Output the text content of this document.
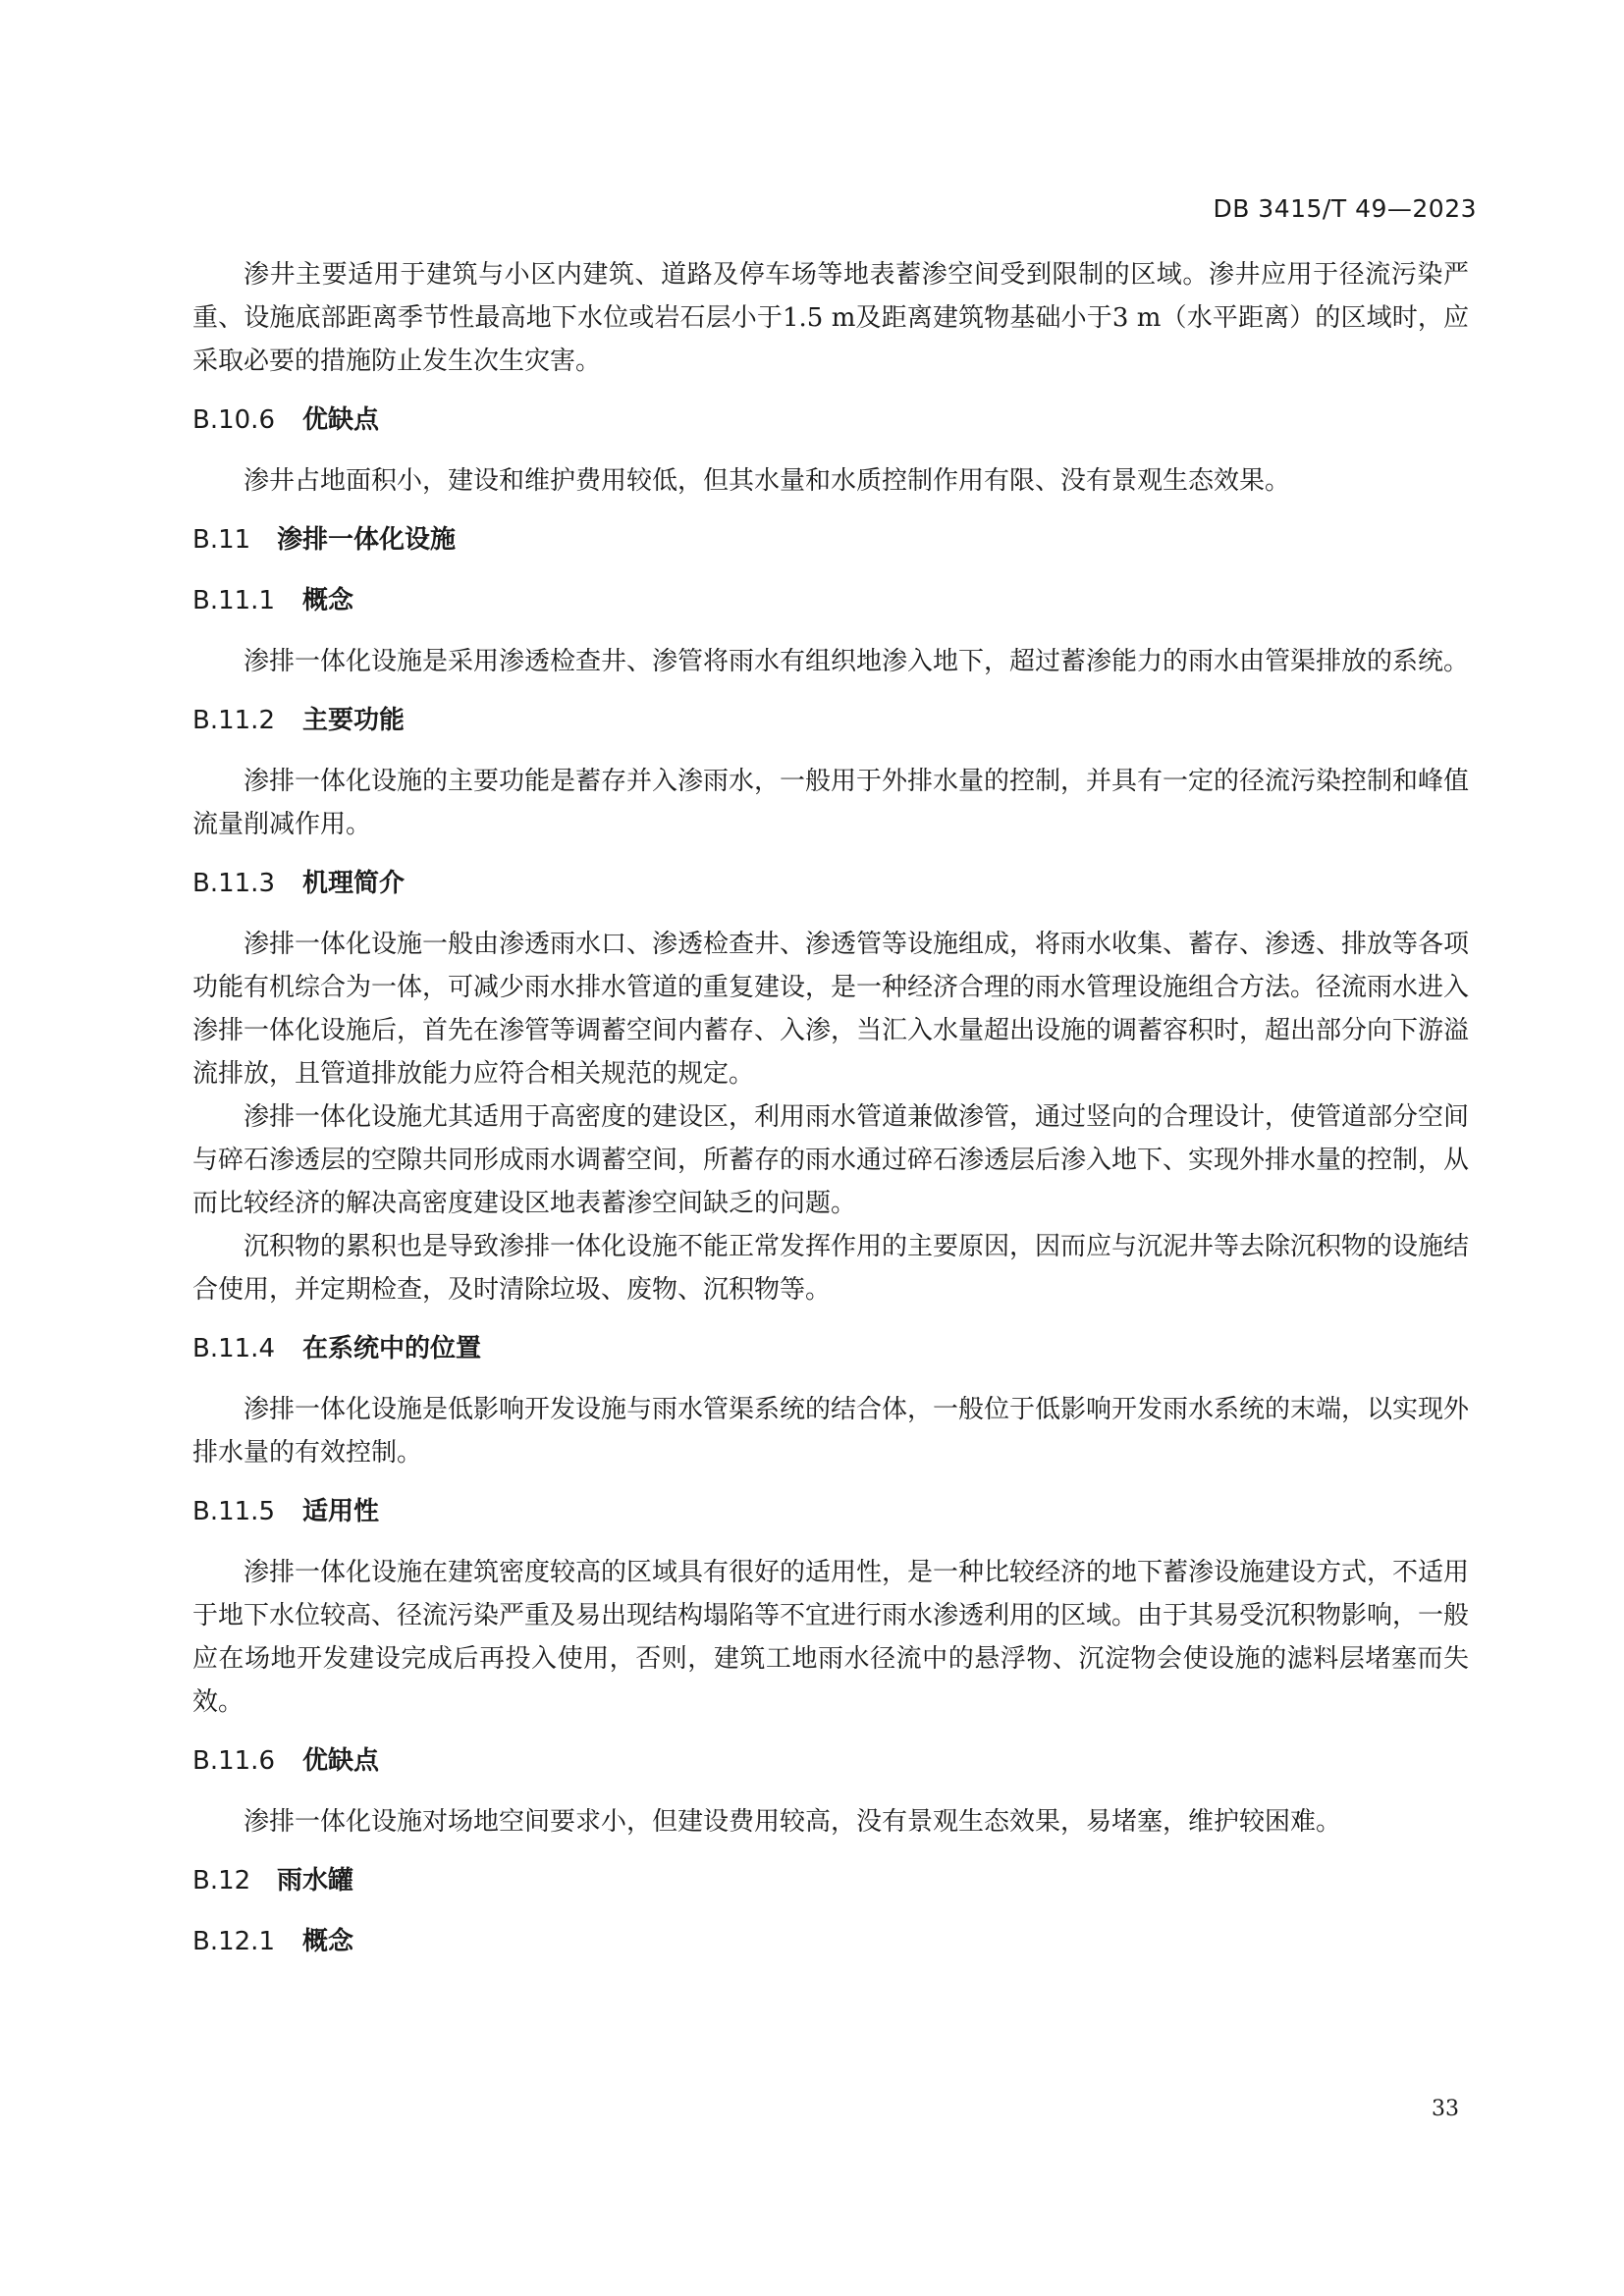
DB 3415/T 49—2023

渗井主要适用于建筑与小区内建筑、道路及停车场等地表蓄渗空间受到限制的区域。渗井应用于径流污染严重、设施底部距离季节性最高地下水位或岩石层小于1.5 m及距离建筑物基础小于3 m（水平距离）的区域时，应采取必要的措施防止发生次生灾害。

B.10.6 优缺点

渗井占地面积小，建设和维护费用较低，但其水量和水质控制作用有限、没有景观生态效果。

B.11 渗排一体化设施
B.11.1 概念

渗排一体化设施是采用渗透检查井、渗管将雨水有组织地渗入地下，超过蓄渗能力的雨水由管渠排放的系统。

B.11.2 主要功能

渗排一体化设施的主要功能是蓄存并入渗雨水，一般用于外排水量的控制，并具有一定的径流污染控制和峰值流量削减作用。

B.11.3 机理简介

渗排一体化设施一般由渗透雨水口、渗透检查井、渗透管等设施组成，将雨水收集、蓄存、渗透、排放等各项功能有机综合为一体，可减少雨水排水管道的重复建设，是一种经济合理的雨水管理设施组合方法。径流雨水进入渗排一体化设施后，首先在渗管等调蓄空间内蓄存、入渗，当汇入水量超出设施的调蓄容积时，超出部分向下游溢流排放，且管道排放能力应符合相关规范的规定。

渗排一体化设施尤其适用于高密度的建设区，利用雨水管道兼做渗管，通过竖向的合理设计，使管道部分空间与碎石渗透层的空隙共同形成雨水调蓄空间，所蓄存的雨水通过碎石渗透层后渗入地下、实现外排水量的控制，从而比较经济的解决高密度建设区地表蓄渗空间缺乏的问题。

沉积物的累积也是导致渗排一体化设施不能正常发挥作用的主要原因，因而应与沉泥井等去除沉积物的设施结合使用，并定期检查，及时清除垃圾、废物、沉积物等。

B.11.4 在系统中的位置

渗排一体化设施是低影响开发设施与雨水管渠系统的结合体，一般位于低影响开发雨水系统的末端，以实现外排水量的有效控制。

B.11.5 适用性

渗排一体化设施在建筑密度较高的区域具有很好的适用性，是一种比较经济的地下蓄渗设施建设方式，不适用于地下水位较高、径流污染严重及易出现结构塌陷等不宜进行雨水渗透利用的区域。由于其易受沉积物影响，一般应在场地开发建设完成后再投入使用，否则，建筑工地雨水径流中的悬浮物、沉淀物会使设施的滤料层堵塞而失效。

B.11.6 优缺点

渗排一体化设施对场地空间要求小，但建设费用较高，没有景观生态效果，易堵塞，维护较困难。

B.12 雨水罐
B.12.1 概念
33
